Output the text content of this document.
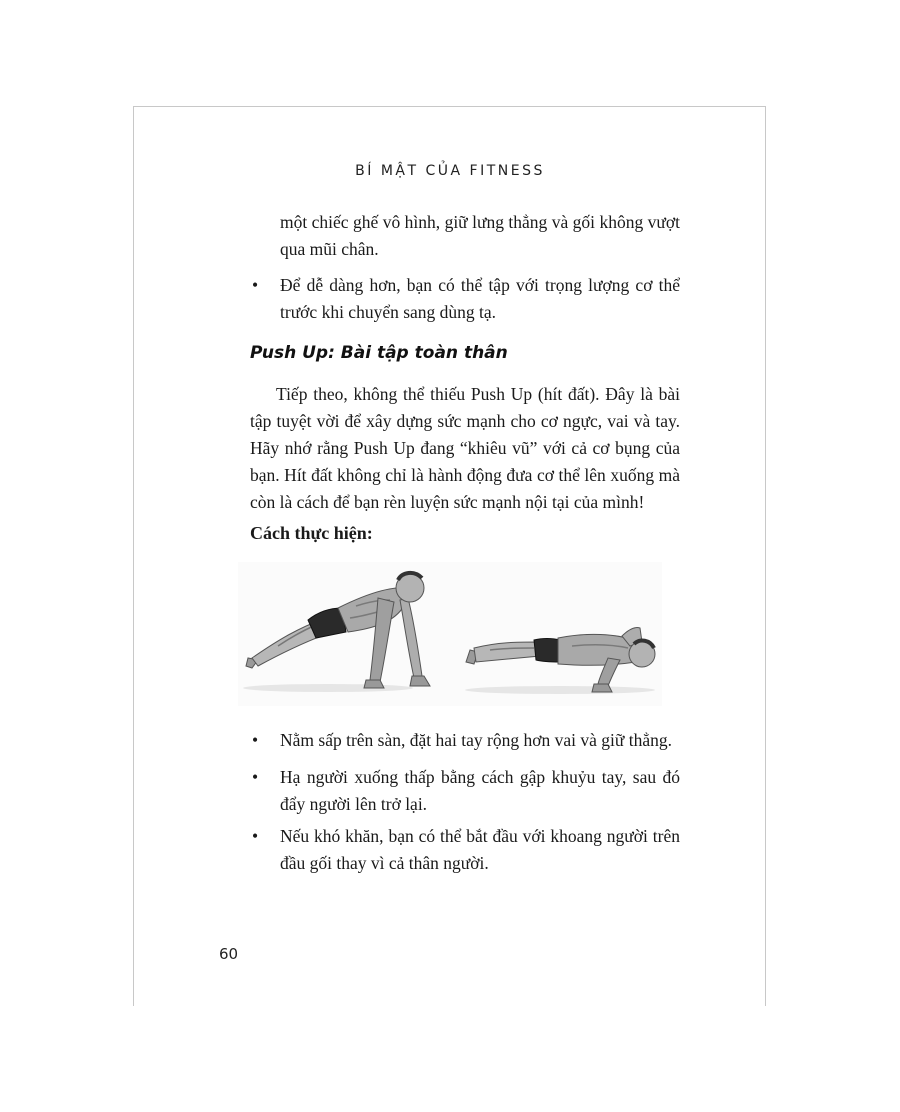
BÍ MẬT CỦA FITNESS
một chiếc ghế vô hình, giữ lưng thẳng và gối không vượt qua mũi chân.
• Để dễ dàng hơn, bạn có thể tập với trọng lượng cơ thể trước khi chuyển sang dùng tạ.
Push Up: Bài tập toàn thân
Tiếp theo, không thể thiếu Push Up (hít đất). Đây là bài tập tuyệt vời để xây dựng sức mạnh cho cơ ngực, vai và tay. Hãy nhớ rằng Push Up đang “khiêu vũ” với cả cơ bụng của bạn. Hít đất không chỉ là hành động đưa cơ thể lên xuống mà còn là cách để bạn rèn luyện sức mạnh nội tại của mình!
Cách thực hiện:
• Nằm sấp trên sàn, đặt hai tay rộng hơn vai và giữ thẳng.
• Hạ người xuống thấp bằng cách gập khuỷu tay, sau đó đẩy người lên trở lại.
• Nếu khó khăn, bạn có thể bắt đầu với khoang người trên đầu gối thay vì cả thân người.
60
